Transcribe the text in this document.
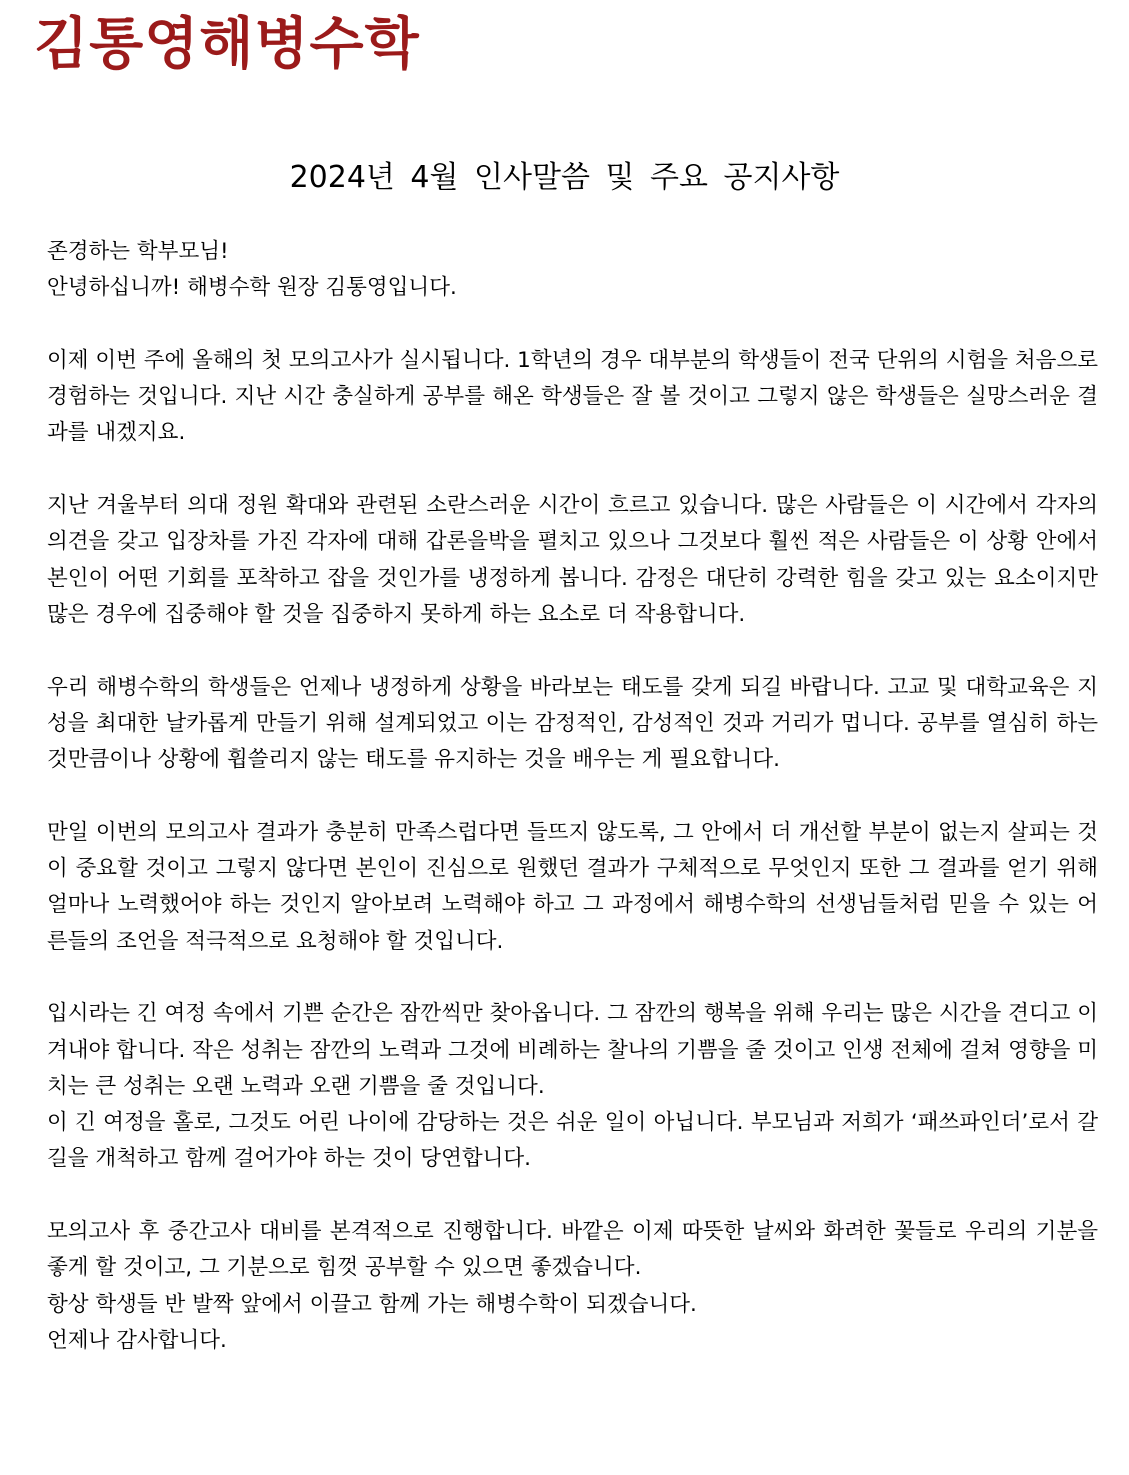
김통영해병수학
2024년 4월 인사말씀 및 주요 공지사항
존경하는 학부모님!
안녕하십니까! 해병수학 원장 김통영입니다.

이제 이번 주에 올해의 첫 모의고사가 실시됩니다. 1학년의 경우 대부분의 학생들이 전국 단위의 시험을 처음으로 경험하는 것입니다. 지난 시간 충실하게 공부를 해온 학생들은 잘 볼 것이고 그렇지 않은 학생들은 실망스러운 결과를 내겠지요.

지난 겨울부터 의대 정원 확대와 관련된 소란스러운 시간이 흐르고 있습니다. 많은 사람들은 이 시간에서 각자의 의견을 갖고 입장차를 가진 각자에 대해 갑론을박을 펼치고 있으나 그것보다 훨씬 적은 사람들은 이 상황 안에서 본인이 어떤 기회를 포착하고 잡을 것인가를 냉정하게 봅니다. 감정은 대단히 강력한 힘을 갖고 있는 요소이지만 많은 경우에 집중해야 할 것을 집중하지 못하게 하는 요소로 더 작용합니다.

우리 해병수학의 학생들은 언제나 냉정하게 상황을 바라보는 태도를 갖게 되길 바랍니다. 고교 및 대학교육은 지성을 최대한 날카롭게 만들기 위해 설계되었고 이는 감정적인, 감성적인 것과 거리가 멉니다. 공부를 열심히 하는 것만큼이나 상황에 휩쓸리지 않는 태도를 유지하는 것을 배우는 게 필요합니다.

만일 이번의 모의고사 결과가 충분히 만족스럽다면 들뜨지 않도록, 그 안에서 더 개선할 부분이 없는지 살피는 것이 중요할 것이고 그렇지 않다면 본인이 진심으로 원했던 결과가 구체적으로 무엇인지 또한 그 결과를 얻기 위해 얼마나 노력했어야 하는 것인지 알아보려 노력해야 하고 그 과정에서 해병수학의 선생님들처럼 믿을 수 있는 어른들의 조언을 적극적으로 요청해야 할 것입니다.

입시라는 긴 여정 속에서 기쁜 순간은 잠깐씩만 찾아옵니다. 그 잠깐의 행복을 위해 우리는 많은 시간을 견디고 이겨내야 합니다. 작은 성취는 잠깐의 노력과 그것에 비례하는 찰나의 기쁨을 줄 것이고 인생 전체에 걸쳐 영향을 미치는 큰 성취는 오랜 노력과 오랜 기쁨을 줄 것입니다.

이 긴 여정을 홀로, 그것도 어린 나이에 감당하는 것은 쉬운 일이 아닙니다. 부모님과 저희가 ‘패쓰파인더’로서 갈 길을 개척하고 함께 걸어가야 하는 것이 당연합니다.

모의고사 후 중간고사 대비를 본격적으로 진행합니다. 바깥은 이제 따뜻한 날씨와 화려한 꽃들로 우리의 기분을 좋게 할 것이고, 그 기분으로 힘껏 공부할 수 있으면 좋겠습니다.

항상 학생들 반 발짝 앞에서 이끌고 함께 가는 해병수학이 되겠습니다.
언제나 감사합니다.
